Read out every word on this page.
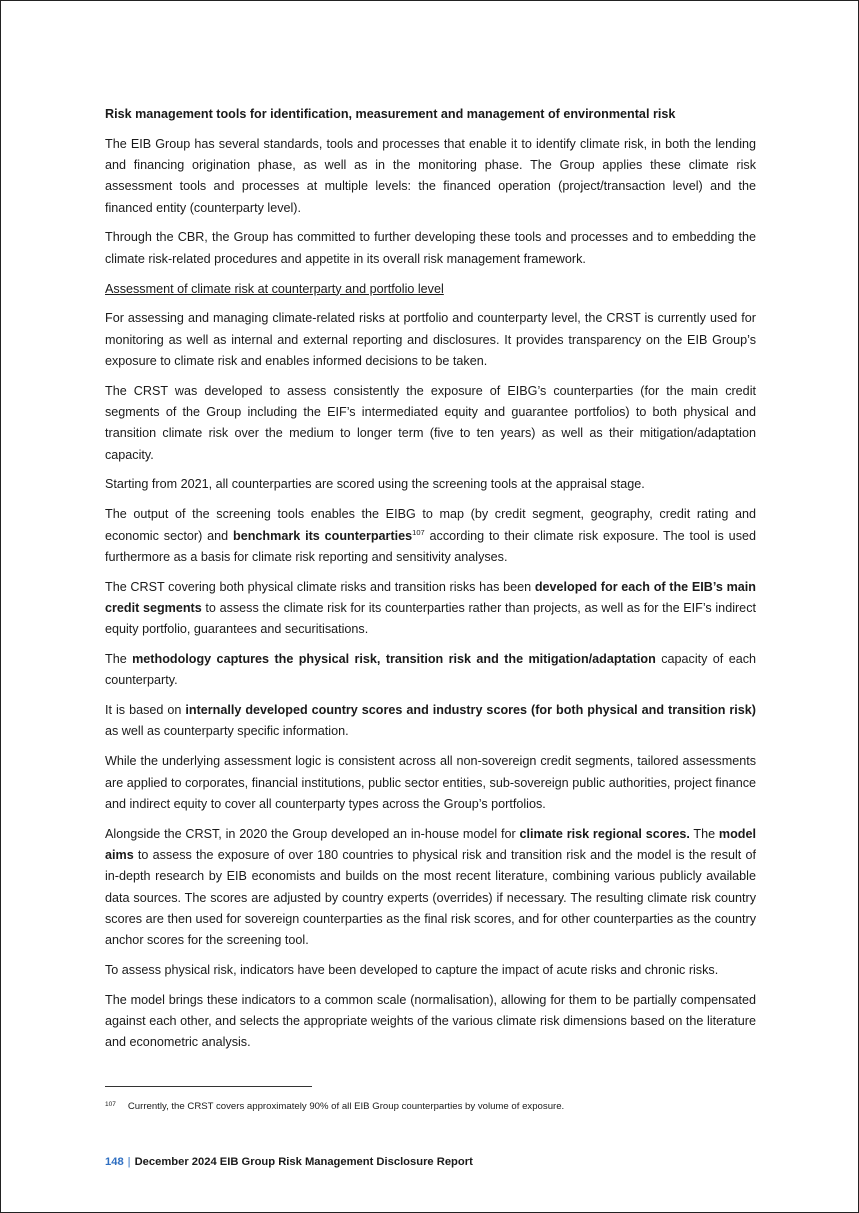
Risk management tools for identification, measurement and management of environmental risk

The EIB Group has several standards, tools and processes that enable it to identify climate risk, in both the lending and financing origination phase, as well as in the monitoring phase. The Group applies these climate risk assessment tools and processes at multiple levels: the financed operation (project/transaction level) and the financed entity (counterparty level).

Through the CBR, the Group has committed to further developing these tools and processes and to embedding the climate risk-related procedures and appetite in its overall risk management framework.

Assessment of climate risk at counterparty and portfolio level

For assessing and managing climate-related risks at portfolio and counterparty level, the CRST is currently used for monitoring as well as internal and external reporting and disclosures. It provides transparency on the EIB Group’s exposure to climate risk and enables informed decisions to be taken.

The CRST was developed to assess consistently the exposure of EIBG’s counterparties (for the main credit segments of the Group including the EIF’s intermediated equity and guarantee portfolios) to both physical and transition climate risk over the medium to longer term (five to ten years) as well as their mitigation/adaptation capacity.

Starting from 2021, all counterparties are scored using the screening tools at the appraisal stage.

The output of the screening tools enables the EIBG to map (by credit segment, geography, credit rating and economic sector) and benchmark its counterparties$^{107}$ according to their climate risk exposure. The tool is used furthermore as a basis for climate risk reporting and sensitivity analyses.

The CRST covering both physical climate risks and transition risks has been developed for each of the EIB’s main credit segments to assess the climate risk for its counterparties rather than projects, as well as for the EIF’s indirect equity portfolio, guarantees and securitisations.

The methodology captures the physical risk, transition risk and the mitigation/adaptation capacity of each counterparty.

It is based on internally developed country scores and industry scores (for both physical and transition risk) as well as counterparty specific information.

While the underlying assessment logic is consistent across all non-sovereign credit segments, tailored assessments are applied to corporates, financial institutions, public sector entities, sub-sovereign public authorities, project finance and indirect equity to cover all counterparty types across the Group’s portfolios.

Alongside the CRST, in 2020 the Group developed an in-house model for climate risk regional scores. The model aims to assess the exposure of over 180 countries to physical risk and transition risk and the model is the result of in-depth research by EIB economists and builds on the most recent literature, combining various publicly available data sources. The scores are adjusted by country experts (overrides) if necessary. The resulting climate risk country scores are then used for sovereign counterparties as the final risk scores, and for other counterparties as the country anchor scores for the screening tool.

To assess physical risk, indicators have been developed to capture the impact of acute risks and chronic risks.

The model brings these indicators to a common scale (normalisation), allowing for them to be partially compensated against each other, and selects the appropriate weights of the various climate risk dimensions based on the literature and econometric analysis.

$^{107}$ Currently, the CRST covers approximately 90% of all EIB Group counterparties by volume of exposure.
148 | December 2024 EIB Group Risk Management Disclosure Report
